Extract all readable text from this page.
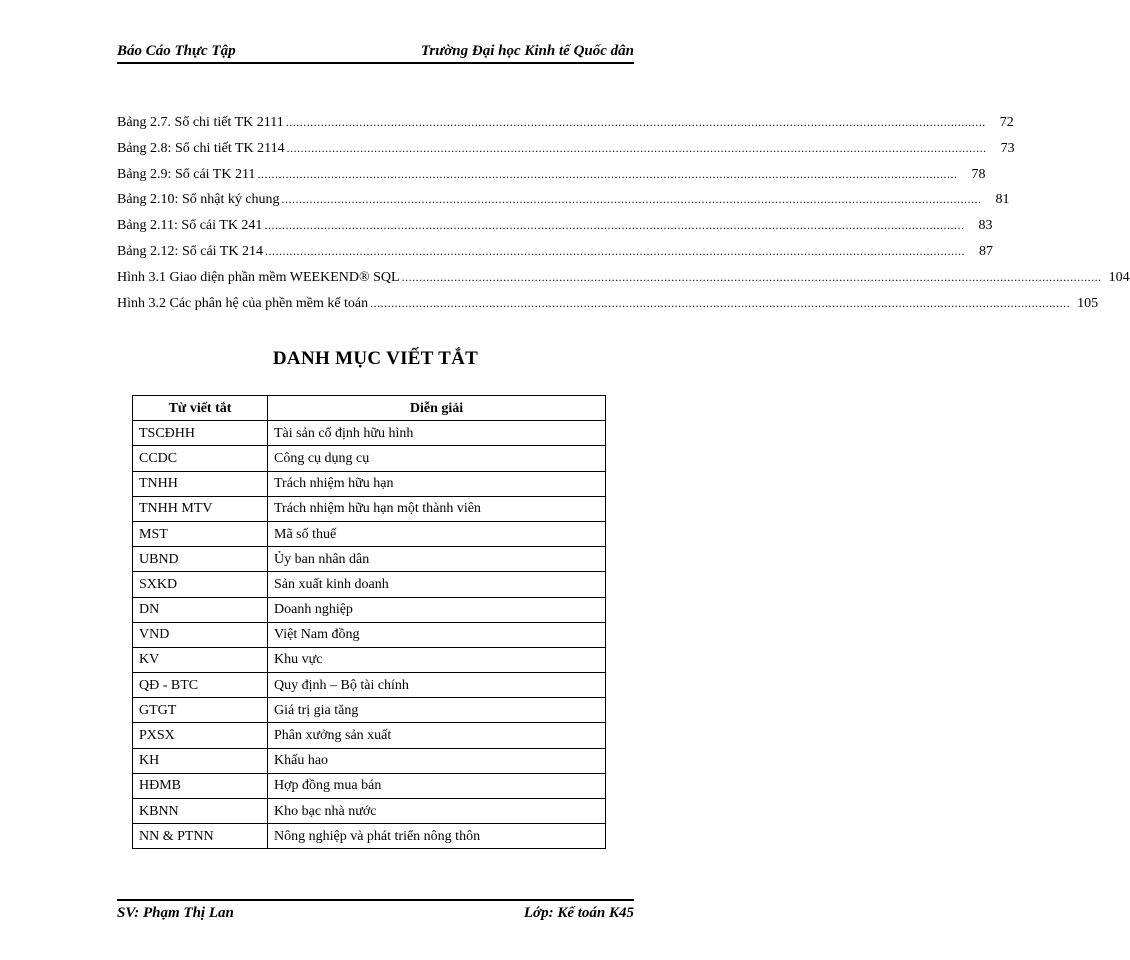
Báo Cáo Thực Tập	Trường Đại học Kinh tế Quốc dân
Bảng 2.7. Sổ chi tiết TK 2111 ........................................................................................................................................................................................................	72
Bảng 2.8: Sổ chi tiết TK 2114 ........................................................................................................................................................................................................	73
Bảng 2.9: Sổ cái TK 211 ........................................................................................................................................................................................................	78
Bảng 2.10: Sổ nhật ký chung ........................................................................................................................................................................................................	81
Bảng 2.11: Sổ cái TK 241 ........................................................................................................................................................................................................	83
Bảng 2.12: Sổ cái TK 214 ........................................................................................................................................................................................................	87
Hình 3.1 Giao diện phần mềm WEEKEND® SQL ........................................................................................................................................................................................................ 104
Hình 3.2 Các phân hệ của phền mềm kế toán ........................................................................................................................................................................................................ 105
DANH MỤC VIẾT TẮT
Từ viết tắt	Diễn giải
TSCĐHH	Tài sản cố định hữu hình
CCDC	Công cụ dụng cụ
TNHH	Trách nhiệm hữu hạn
TNHH MTV	Trách nhiệm hữu hạn một thành viên
MST	Mã số thuế
UBND	Ủy ban nhân dân
SXKD	Sản xuất kinh doanh
DN	Doanh nghiệp
VND	Việt Nam đồng
KV	Khu vực
QĐ - BTC	Quy định – Bộ tài chính
GTGT	Giá trị gia tăng
PXSX	Phân xưởng sản xuất
KH	Khấu hao
HĐMB	Hợp đồng mua bán
KBNN	Kho bạc nhà nước
NN & PTNN	Nông nghiệp và phát triển nông thôn
SV: Phạm Thị Lan	Lớp: Kế toán K45
